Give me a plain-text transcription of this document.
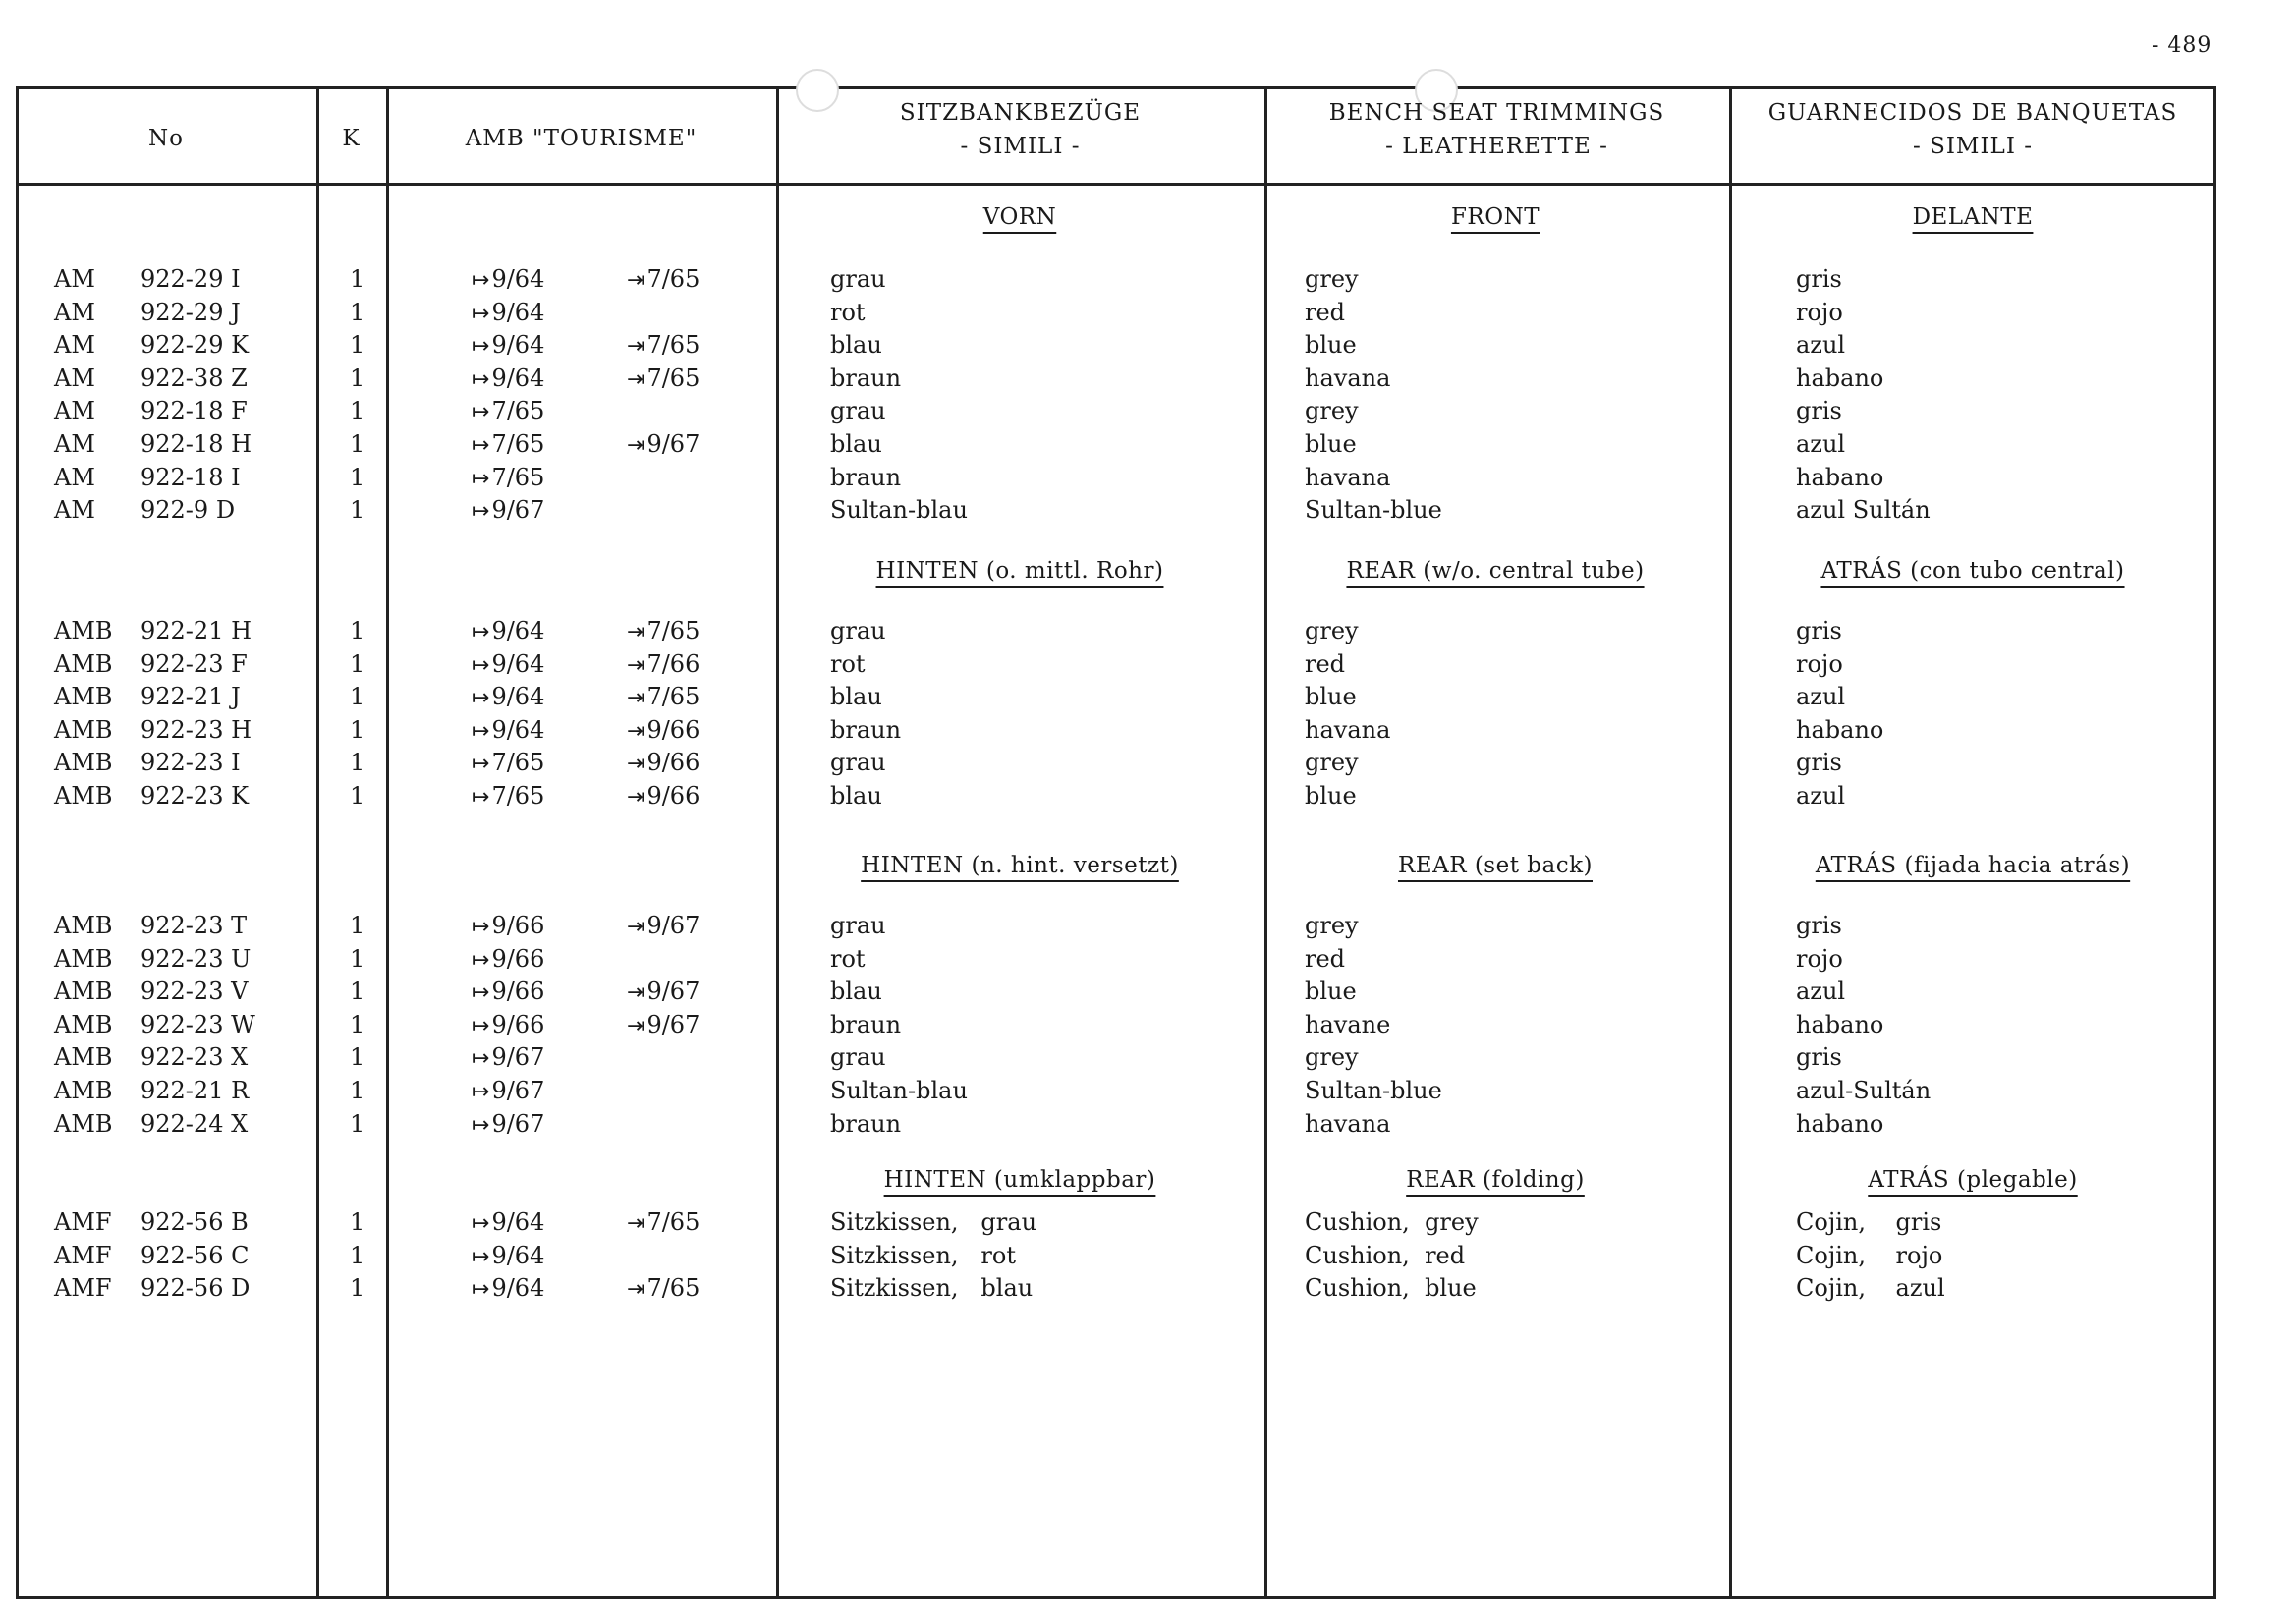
- 489
No	K	AMB "TOURISME"
SITZBANKBEZÜGE
- SIMILI -
BENCH SEAT TRIMMINGS
- LEATHERETTE -
GUARNECIDOS DE BANQUETAS
- SIMILI -
VORN	FRONT	DELANTE
AM 922-29 I	1	grau	grey	gris
↦9/64	⇥7/65
AM 922-29 J	1	rot	red	rojo
↦9/64
AM 922-29 K	1	blau	blue	azul
↦9/64	⇥7/65
AM 922-38 Z	1	braun	havana	habano
↦9/64	⇥7/65
AM 922-18 F	1	grau	grey	gris
↦7/65
AM 922-18 H	1	blau	blue	azul
↦7/65	⇥9/67
AM 922-18 I	1	braun	havana	habano
↦7/65
AM 922-9 D	1	Sultan-blau	Sultan-blue	azul Sultán
↦9/67
HINTEN (o. mittl. Rohr)	REAR (w/o. central tube)	ATRÁS (con tubo central)
AMB 922-21 H	1	grau	grey	gris
↦9/64	⇥7/65
AMB 922-23 F	1	rot	red	rojo
↦9/64	⇥7/66
AMB 922-21 J	1	blau	blue	azul
↦9/64	⇥7/65
AMB 922-23 H	1	braun	havana	habano
↦9/64	⇥9/66
AMB 922-23 I	1	grau	grey	gris
↦7/65	⇥9/66
AMB 922-23 K	1	blau	blue	azul
↦7/65	⇥9/66
HINTEN (n. hint. versetzt)	REAR (set back)	ATRÁS (fijada hacia atrás)
AMB 922-23 T	1	grau	grey	gris
↦9/66	⇥9/67
AMB 922-23 U	1	rot	red	rojo
↦9/66
AMB 922-23 V	1	blau	blue	azul
↦9/66	⇥9/67
AMB 922-23 W	1	braun	havane	habano
↦9/66	⇥9/67
AMB 922-23 X	1	grau	grey	gris
↦9/67
AMB 922-21 R	1	Sultan-blau	Sultan-blue	azul-Sultán
↦9/67
AMB 922-24 X	1	braun	havana	habano
↦9/67
HINTEN (umklappbar)	REAR (folding)	ATRÁS (plegable)
AMF 922-56 B	1	Sitzkissen,   grau	Cushion,  grey	Cojin,    gris
↦9/64	⇥7/65
AMF 922-56 C	1	Sitzkissen,   rot	Cushion,  red	Cojin,    rojo
↦9/64
AMF 922-56 D	1	Sitzkissen,   blau	Cushion,  blue	Cojin,    azul
↦9/64	⇥7/65
